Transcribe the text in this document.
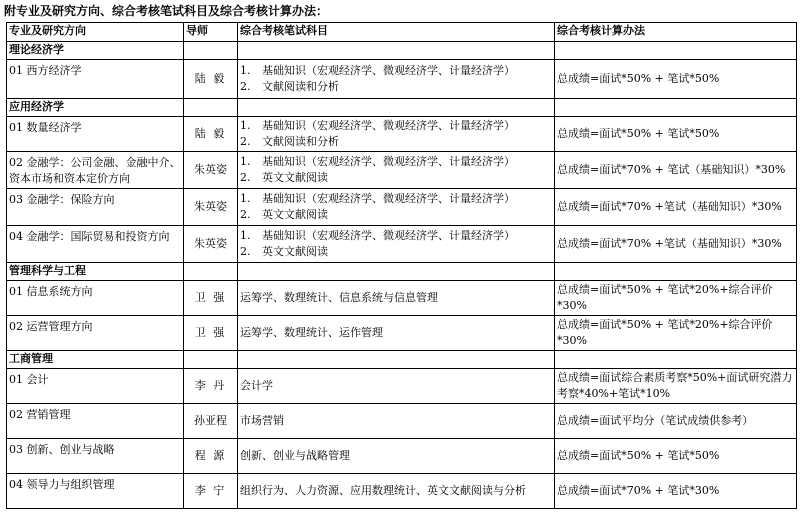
附专业及研究方向、综合考核笔试科目及综合考核计算办法：
专业及研究方向	导师	综合考核笔试科目	综合考核计算办法
理论经济学			
01 西方经济学	陆 毅	1. 基础知识（宏观经济学、微观经济学、计量经济学）
2. 文献阅读和分析	总成绩=面试*50% + 笔试*50%
应用经济学			
01 数量经济学	陆 毅	1. 基础知识（宏观经济学、微观经济学、计量经济学）
2. 文献阅读和分析	总成绩=面试*50% + 笔试*50%
02 金融学：公司金融、金融中介、资本市场和资本定价方向	朱英姿	1. 基础知识（宏观经济学、微观经济学、计量经济学）
2. 英文文献阅读	总成绩=面试*70% + 笔试（基础知识）*30%
03 金融学：保险方向	朱英姿	1. 基础知识（宏观经济学、微观经济学、计量经济学）
2. 英文文献阅读	总成绩=面试*70% +笔试（基础知识）*30%
04 金融学：国际贸易和投资方向	朱英姿	1. 基础知识（宏观经济学、微观经济学、计量经济学）
2. 英文文献阅读	总成绩=面试*70% +笔试（基础知识）*30%
管理科学与工程			
01 信息系统方向	卫 强	运筹学、数理统计、信息系统与信息管理	总成绩=面试*50% + 笔试*20%+综合评价*30%
02 运营管理方向	卫 强	运筹学、数理统计、运作管理	总成绩=面试*50% + 笔试*20%+综合评价*30%
工商管理			
01 会计	李 丹	会计学	总成绩=面试综合素质考察*50%+面试研究潜力考察*40%+笔试*10%
02 营销管理	孙亚程	市场营销	总成绩=面试平均分（笔试成绩供参考）
03 创新、创业与战略	程 源	创新、创业与战略管理	总成绩=面试*50% + 笔试*50%
04 领导力与组织管理	李 宁	组织行为、人力资源、应用数理统计、英文文献阅读与分析	总成绩=面试*70% + 笔试*30%
